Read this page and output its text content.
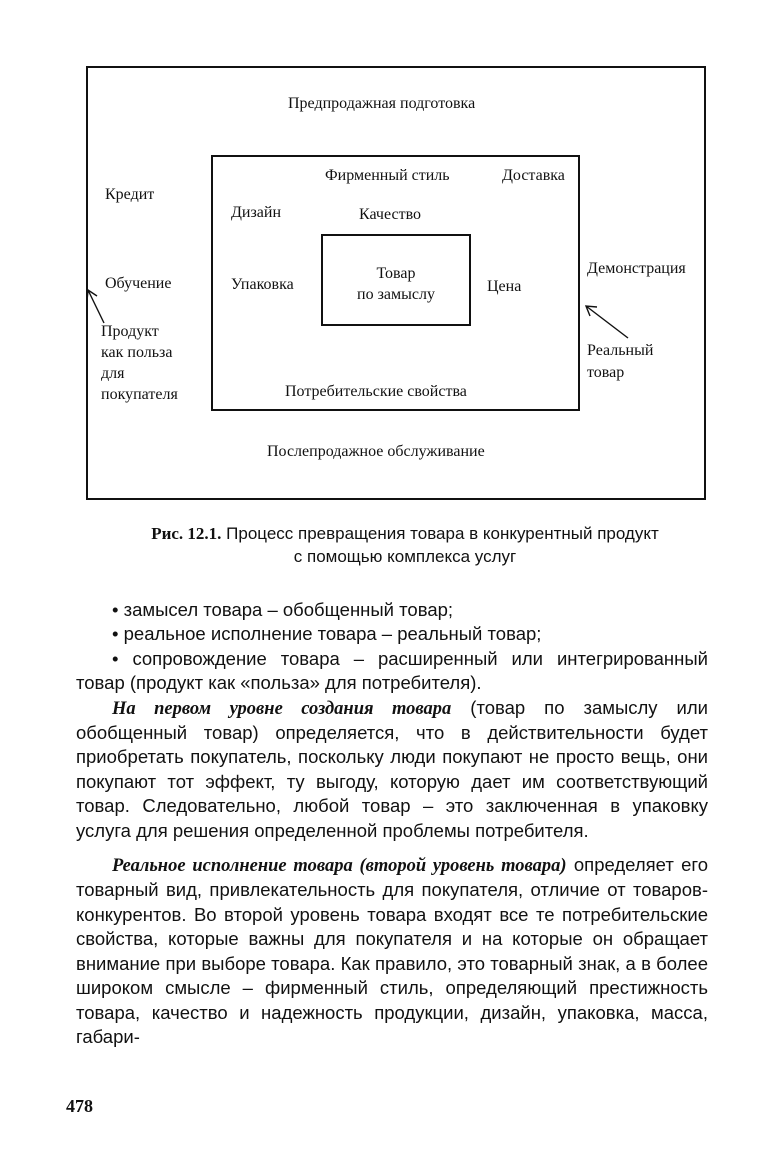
Предпродажная подготовка
Послепродажное обслуживание
Кредит
Обучение
Продукт
как польза
для
покупателя
Демонстрация
Реальный
товар
Фирменный стиль	Доставка
Дизайн	Качество
Упаковка	Цена
Потребительские свойства
Товар
по замыслу
Рис. 12.1. Процесс превращения товара в конкурентный продукт
с помощью комплекса услуг

• замысел товара – обобщенный товар;

• реальное исполнение товара – реальный товар;

• сопровождение товара – расширенный или интегрированный товар (продукт как «польза» для потребителя).

На первом уровне создания товара (товар по замыслу или обобщенный товар) определяется, что в действительности будет приобретать покупатель, поскольку люди покупают не просто вещь, они покупают тот эффект, ту выгоду, которую дает им соответствующий товар. Следовательно, любой товар – это заключенная в упаковку услуга для решения определенной проблемы потребителя.

Реальное исполнение товара (второй уровень товара) определяет его товарный вид, привлекательность для покупателя, отличие от товаров-конкурентов. Во второй уровень товара входят все те потребительские свойства, которые важны для покупателя и на которые он обращает внимание при выборе товара. Как правило, это товарный знак, а в более широком смысле – фирменный стиль, определяющий престижность товара, качество и надежность продукции, дизайн, упаковка, масса, габари-

478
